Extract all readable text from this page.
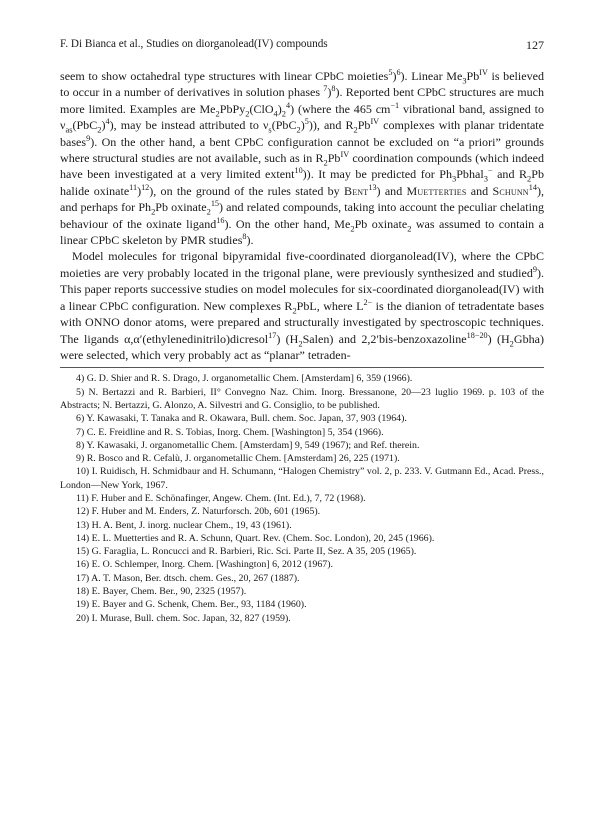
F. Di Bianca et al., Studies on diorganolead(IV) compounds	127

seem to show octahedral type structures with linear CPbC moieties$^5$)$^6$). Linear $Me_3Pb^{IV}$ is believed to occur in a number of derivatives in solution phases $^7$)$^8$). Reported bent CPbC structures are much more limited. Examples are $Me_2PbPy_2(ClO_4)_2^4$) (where the 465 $cm^{-1}$ vibrational band, assigned to $\nu_{as}(PbC_2)^4$), may be instead attributed to $\nu_s(PbC_2)^5$)), and $R_2Pb^{IV}$ complexes with planar tridentate bases$^9$). On the other hand, a bent CPbC configuration cannot be excluded on “a priori” grounds where structural studies are not available, such as in $R_2Pb^{IV}$ coordination compounds (which indeed have been investigated at a very limited extent$^{10}$)). It may be predicted for $Ph_3Pbhal_3^-$ and $R_2Pb$ halide oxinate$^{11}$)$^{12}$), on the ground of the rules stated by Bent$^{13}$) and Muetterties and Schunn$^{14}$), and perhaps for $Ph_2Pb$ oxinate$_2^{15}$) and related compounds, taking into account the peculiar chelating behaviour of the oxinate ligand$^{16}$). On the other hand, $Me_2Pb$ oxinate$_2$ was assumed to contain a linear CPbC skeleton by PMR studies$^8$).

Model molecules for trigonal bipyramidal five-coordinated diorganolead(IV), where the CPbC moieties are very probably located in the trigonal plane, were previously synthesized and studied$^9$). This paper reports successive studies on model molecules for six-coordinated diorganolead(IV) with a linear CPbC configuration. New complexes $R_2PbL$, where $L^{2-}$ is the dianion of tetradentate bases with ONNO donor atoms, were prepared and structurally investigated by spectroscopic techniques. The ligands α,α′(ethylenedinitrilo)dicresol$^{17}$) $(H_2Salen)$ and 2,2′bis-benzoxazoline$^{18-20}$) $(H_2Gbha)$ were selected, which very probably act as “planar” tetraden-

4) G. D. Shier and R. S. Drago, J. organometallic Chem. [Amsterdam] 6, 359 (1966).

5) N. Bertazzi and R. Barbieri, II° Convegno Naz. Chim. Inorg. Bressanone, 20—23 luglio 1969. p. 103 of the Abstracts; N. Bertazzi, G. Alonzo, A. Silvestri and G. Consiglio, to be published.

6) Y. Kawasaki, T. Tanaka and R. Okawara, Bull. chem. Soc. Japan, 37, 903 (1964).

7) C. E. Freidline and R. S. Tobias, Inorg. Chem. [Washington] 5, 354 (1966).

8) Y. Kawasaki, J. organometallic Chem. [Amsterdam] 9, 549 (1967); and Ref. therein.

9) R. Bosco and R. Cefalù, J. organometallic Chem. [Amsterdam] 26, 225 (1971).

10) I. Ruidisch, H. Schmidbaur and H. Schumann, “Halogen Chemistry” vol. 2, p. 233. V. Gutmann Ed., Acad. Press., London—New York, 1967.

11) F. Huber and E. Schönafinger, Angew. Chem. (Int. Ed.), 7, 72 (1968).

12) F. Huber and M. Enders, Z. Naturforsch. 20b, 601 (1965).

13) H. A. Bent, J. inorg. nuclear Chem., 19, 43 (1961).

14) E. L. Muetterties and R. A. Schunn, Quart. Rev. (Chem. Soc. London), 20, 245 (1966).

15) G. Faraglia, L. Roncucci and R. Barbieri, Ric. Sci. Parte II, Sez. A 35, 205 (1965).

16) E. O. Schlemper, Inorg. Chem. [Washington] 6, 2012 (1967).

17) A. T. Mason, Ber. dtsch. chem. Ges., 20, 267 (1887).

18) E. Bayer, Chem. Ber., 90, 2325 (1957).

19) E. Bayer and G. Schenk, Chem. Ber., 93, 1184 (1960).

20) I. Murase, Bull. chem. Soc. Japan, 32, 827 (1959).
